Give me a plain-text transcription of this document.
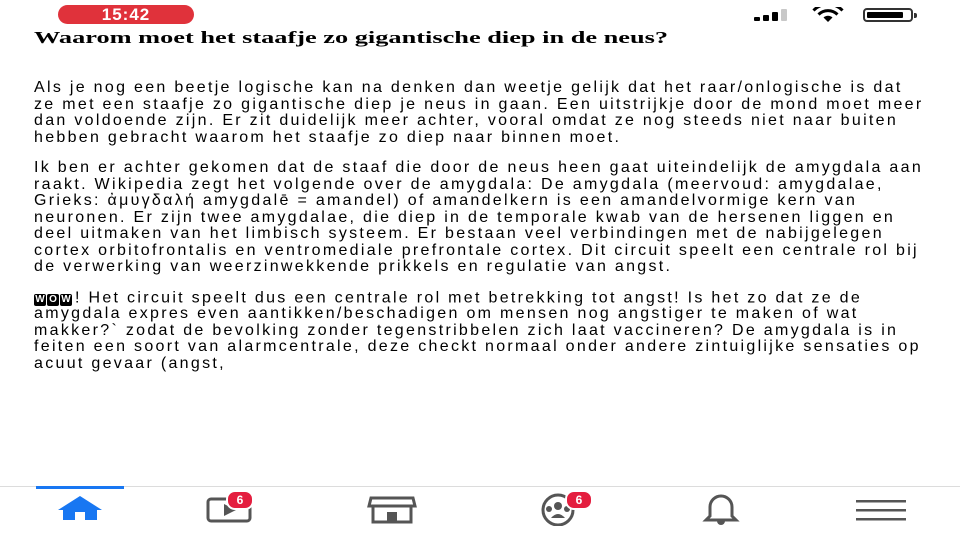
15:42
Waarom moet het staafje zo gigantische diep in de neus?

Als je nog een beetje logische kan na denken dan weetje gelijk dat het raar/onlogische is dat ze met een staafje zo gigantische diep je neus in gaan. Een uitstrijkje door de mond moet meer dan voldoende zijn. Er zit duidelijk meer achter, vooral omdat ze nog steeds niet naar buiten hebben gebracht waarom het staafje zo diep naar binnen moet.

Ik ben er achter gekomen dat de staaf die door de neus heen gaat uiteindelijk de amygdala aan raakt. Wikipedia zegt het volgende over de amygdala: De amygdala (meervoud: amygdalae, Grieks: ἀμυγδαλή amygdalē = amandel) of amandelkern is een amandelvormige kern van neuronen. Er zijn twee amygdalae, die diep in de temporale kwab van de hersenen liggen en deel uitmaken van het limbisch systeem. Er bestaan veel verbindingen met de nabijgelegen cortex orbitofrontalis en ventromediale prefrontale cortex. Dit circuit speelt een centrale rol bij de verwerking van weerzinwekkende prikkels en regulatie van angst.

W O W ! Het circuit speelt dus een centrale rol met betrekking tot angst! Is het zo dat ze de amygdala expres even aantikken/beschadigen om mensen nog angstiger te maken of wat makker?` zodat de bevolking zonder tegenstribbelen zich laat vaccineren? De amygdala is in feiten een soort van alarmcentrale, deze checkt normaal onder andere zintuiglijke sensaties op acuut gevaar (angst,

6	6
